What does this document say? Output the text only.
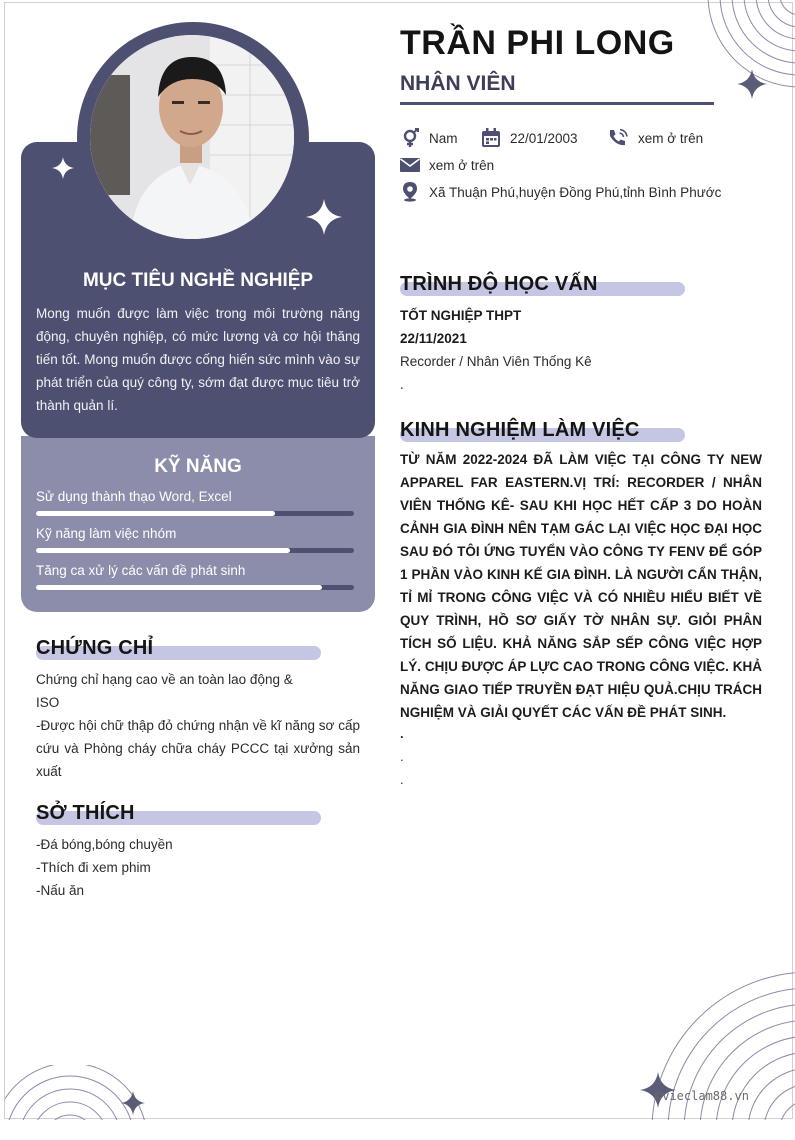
MỤC TIÊU NGHỀ NGHIỆP

Mong muốn được làm việc trong môi trường năng động, chuyên nghiệp, có mức lương và cơ hội thăng tiến tốt. Mong muốn được cống hiến sức mình vào sự phát triển của quý công ty, sớm đạt được mục tiêu trở thành quản lí.

KỸ NĂNG
Sử dụng thành thạo Word, Excel
Kỹ năng làm việc nhóm
Tăng ca xử lý các vấn đề phát sinh
CHỨNG CHỈ

Chứng chỉ hạng cao về an toàn lao động &

ISO

-Được hội chữ thập đỏ chứng nhận về kĩ năng sơ cấp cứu và Phòng cháy chữa cháy PCCC tại xưởng sản xuất

SỞ THÍCH

-Đá bóng,bóng chuyền

-Thích đi xem phim

-Nấu ăn

TRẦN PHI LONG
NHÂN VIÊN
Nam	22/01/2003	xem ở trên
xem ở trên
Xã Thuận Phú,huyện Đồng Phú,tỉnh Bình Phước
TRÌNH ĐỘ HỌC VẤN

TỐT NGHIỆP THPT

22/11/2021

Recorder / Nhân Viên Thống Kê

.

KINH NGHIỆM LÀM VIỆC

TỪ NĂM 2022-2024 ĐÃ LÀM VIỆC TẠI CÔNG TY NEW APPAREL FAR EASTERN.VỊ TRÍ: RECORDER / NHÂN VIÊN THỐNG KÊ- SAU KHI HỌC HẾT CẤP 3 DO HOÀN CẢNH GIA ĐÌNH NÊN TẠM GÁC LẠI VIỆC HỌC ĐẠI HỌC SAU ĐÓ TÔI ỨNG TUYỂN VÀO CÔNG TY FENV ĐỂ GÓP 1 PHẦN VÀO KINH KẾ GIA ĐÌNH. LÀ NGƯỜI CẨN THẬN, TỈ MỈ TRONG CÔNG VIỆC VÀ CÓ NHIỀU HIỂU BIẾT VỀ QUY TRÌNH, HỒ SƠ GIẤY TỜ NHÂN SỰ. GIỎI PHÂN TÍCH SỐ LIỆU. KHẢ NĂNG SẮP SẾP CÔNG VIỆC HỢP LÝ. CHỊU ĐƯỢC ÁP LỰC CAO TRONG CÔNG VIỆC. KHẢ NĂNG GIAO TIẾP TRUYỀN ĐẠT HIỆU QUẢ.CHỊU TRÁCH NGHIỆM VÀ GIẢI QUYẾT CÁC VẤN ĐỀ PHÁT SINH.

.
.
.
©vieclam88.vn
